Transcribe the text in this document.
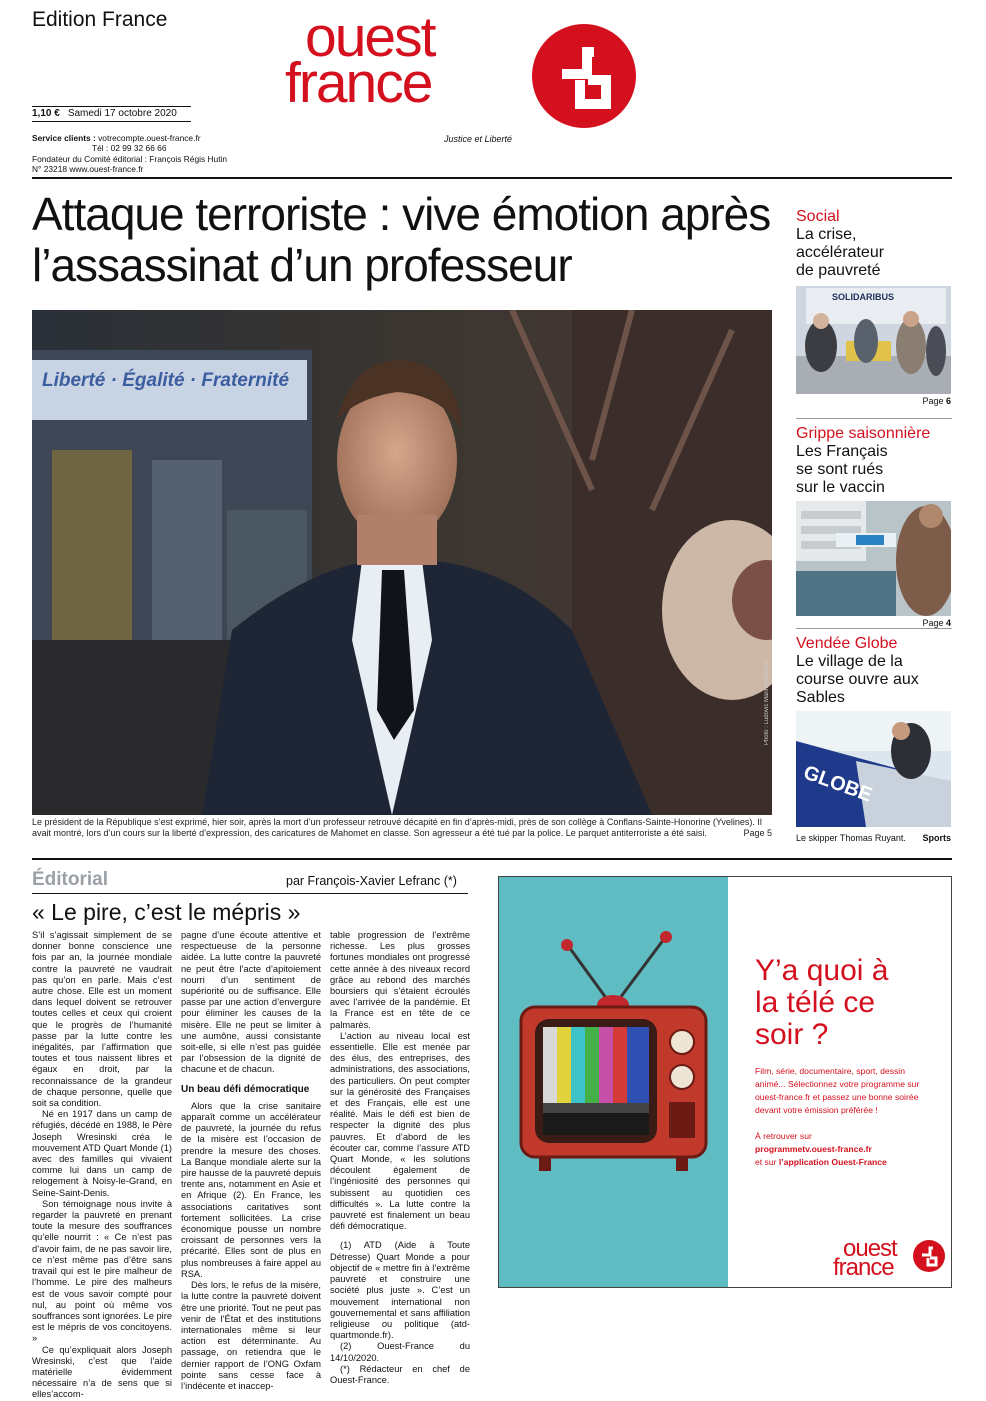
Edition France	ouest
france
Justice et Liberté
1,10 € Samedi 17 octobre 2020
Service clients : votrecompte.ouest-france.fr
Tél : 02 99 32 66 66
Fondateur du Comité éditorial : François Régis Hutin
N° 23218 www.ouest-france.fr
Attaque terroriste : vive émotion après l’assassinat d’un professeur
Liberté · Égalité · Fraternité
Photo : Ludovic Marin/Pool/AFP
Le président de la République s’est exprimé, hier soir, après la mort d’un professeur retrouvé décapité en fin d’après-midi, près de son collège à Conflans-Sainte-Honorine (Yvelines). Il avait montré, lors d’un cours sur la liberté d’expression, des caricatures de Mahomet en classe. Son agresseur a été tué par la police. Le parquet antiterroriste a été saisi.	Page 5
Social
La crise, accélérateur de pauvreté
SOLIDARIBUS
Page 6
Grippe saisonnière
Les Français se sont rués sur le vaccin
Page 4
Vendée Globe
Le village de la course ouvre aux Sables
GLOBE
Le skipper Thomas Ruyant. Sports
Éditorial	par François-Xavier Lefranc (*)
« Le pire, c’est le mépris »

S’il s’agissait simplement de se donner bonne conscience une fois par an, la journée mondiale contre la pauvreté ne vaudrait pas qu’on en parle. Mais c’est autre chose. Elle est un moment dans lequel doivent se retrouver toutes celles et ceux qui croient que le progrès de l’humanité passe par la lutte contre les inégalités, par l’affirmation que toutes et tous naissent libres et égaux en droit, par la reconnaissance de la grandeur de chaque personne, quelle que soit sa condition.

Né en 1917 dans un camp de réfugiés, décédé en 1988, le Père Joseph Wresinski créa le mouvement ATD Quart Monde (1) avec des familles qui vivaient comme lui dans un camp de relogement à Noisy-le-Grand, en Seine-Saint-Denis.

Son témoignage nous invite à regarder la pauvreté en prenant toute la mesure des souffrances qu’elle nourrit : « Ce n’est pas d’avoir faim, de ne pas savoir lire, ce n’est même pas d’être sans travail qui est le pire malheur de l’homme. Le pire des malheurs est de vous savoir compté pour nul, au point où même vos souffrances sont ignorées. Le pire est le mépris de vos concitoyens. »

Ce qu’expliquait alors Joseph Wresinski, c’est que l’aide matérielle évidemment nécessaire n’a de sens que si elles’accom-

pagne d’une écoute attentive et respectueuse de la personne aidée. La lutte contre la pauvreté ne peut être l’acte d’apitoiement nourri d’un sentiment de supériorité ou de suffisance. Elle passe par une action d’envergure pour éliminer les causes de la misère. Elle ne peut se limiter à une aumône, aussi consistante soit-elle, si elle n’est pas guidée par l’obsession de la dignité de chacune et de chacun.

Un beau défi démocratique

Alors que la crise sanitaire apparaît comme un accélérateur de pauvreté, la journée du refus de la misère est l’occasion de prendre la mesure des choses. La Banque mondiale alerte sur la pire hausse de la pauvreté depuis trente ans, notamment en Asie et en Afrique (2). En France, les associations caritatives sont fortement sollicitées. La crise économique pousse un nombre croissant de personnes vers la précarité. Elles sont de plus en plus nombreuses à faire appel au RSA.

Dès lors, le refus de la misère, la lutte contre la pauvreté doivent être une priorité. Tout ne peut pas venir de l’État et des institutions internationales même si leur action est déterminante. Au passage, on retiendra que le dernier rapport de l’ONG Oxfam pointe sans cesse face à l’indécente et inaccep-

table progression de l’extrême richesse. Les plus grosses fortunes mondiales ont progressé cette année à des niveaux record grâce au rebond des marchés boursiers qui s’étaient écroulés avec l’arrivée de la pandémie. Et la France est en tête de ce palmarès.

L’action au niveau local est essentielle. Elle est menée par des élus, des entreprises, des administrations, des associations, des particuliers. On peut compter sur la générosité des Françaises et des Français, elle est une réalité. Mais le défi est bien de respecter la dignité des plus pauvres. Et d’abord de les écouter car, comme l’assure ATD Quart Monde, « les solutions découlent également de l’ingéniosité des personnes qui subissent au quotidien ces difficultés ». La lutte contre la pauvreté est finalement un beau défi démocratique.

(1) ATD (Aide à Toute Détresse) Quart Monde a pour objectif de « mettre fin à l’extrême pauvreté et construire une société plus juste ». C’est un mouvement international non gouvernemental et sans affiliation religieuse ou politique (atd-quartmonde.fr).

(2) Ouest-France du 14/10/2020.

(*) Rédacteur en chef de Ouest-France.

Y’a quoi à la télé ce soir ?
Film, série, documentaire, sport, dessin animé... Sélectionnez votre programme sur ouest-france.fr et passez une bonne soirée devant votre émission préférée !
À retrouver sur
programmetv.ouest-france.fr
et sur l’application Ouest-France
ouest
france
